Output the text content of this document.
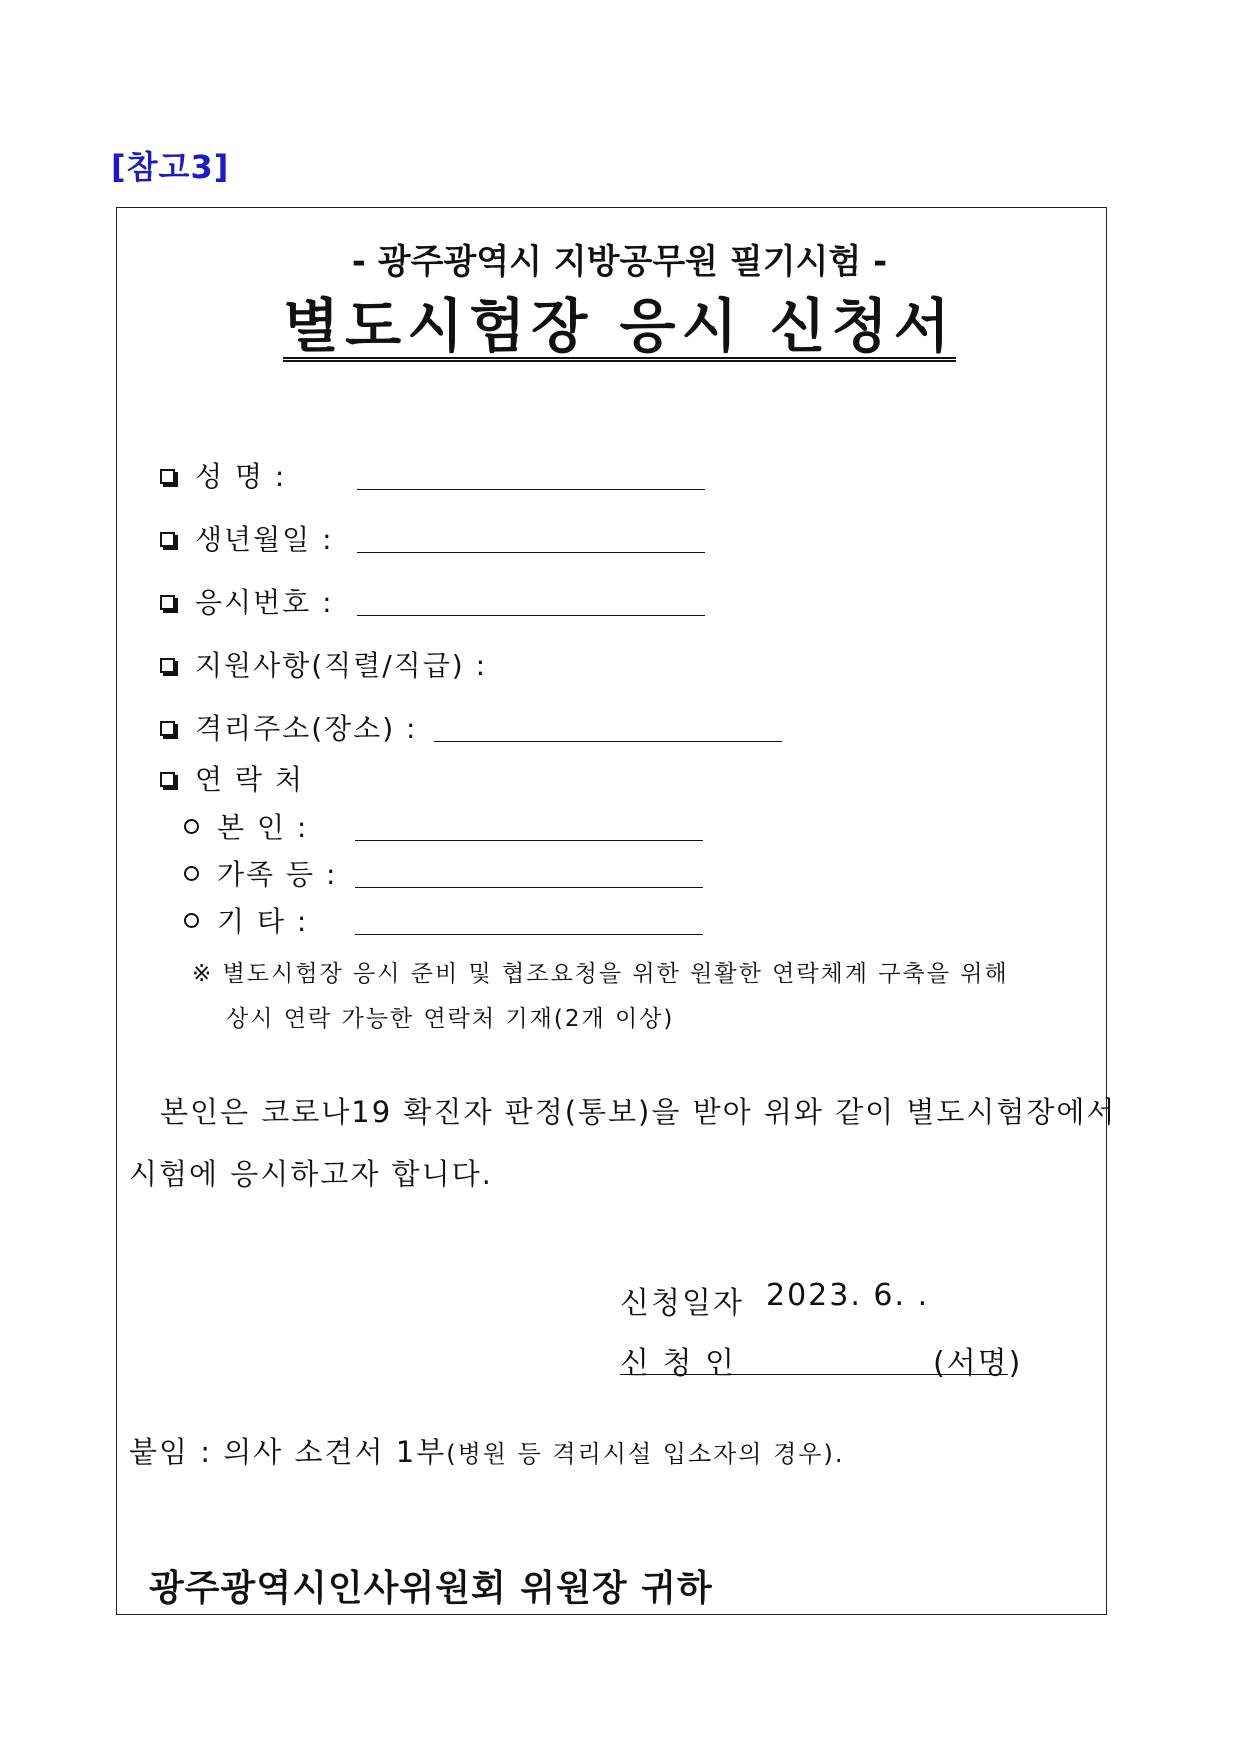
[참고3]
- 광주광역시 지방공무원 필기시험 -
별도시험장 응시 신청서
성 명 :
생년월일 :
응시번호 :
지원사항(직렬/직급) :
격리주소(장소) :
연 락 처
본 인 :
가족 등 :
기 타 :
※ 별도시험장 응시 준비 및 협조요청을 위한 원활한 연락체계 구축을 위해
상시 연락 가능한 연락처 기재(2개 이상)
본인은 코로나19 확진자 판정(통보)을 받아 위와 같이 별도시험장에서
시험에 응시하고자 합니다.
신청일자 2023. 6. .
신 청 인	(서명)
붙임 : 의사 소견서 1부(병원 등 격리시설 입소자의 경우).
광주광역시인사위원회 위원장 귀하
